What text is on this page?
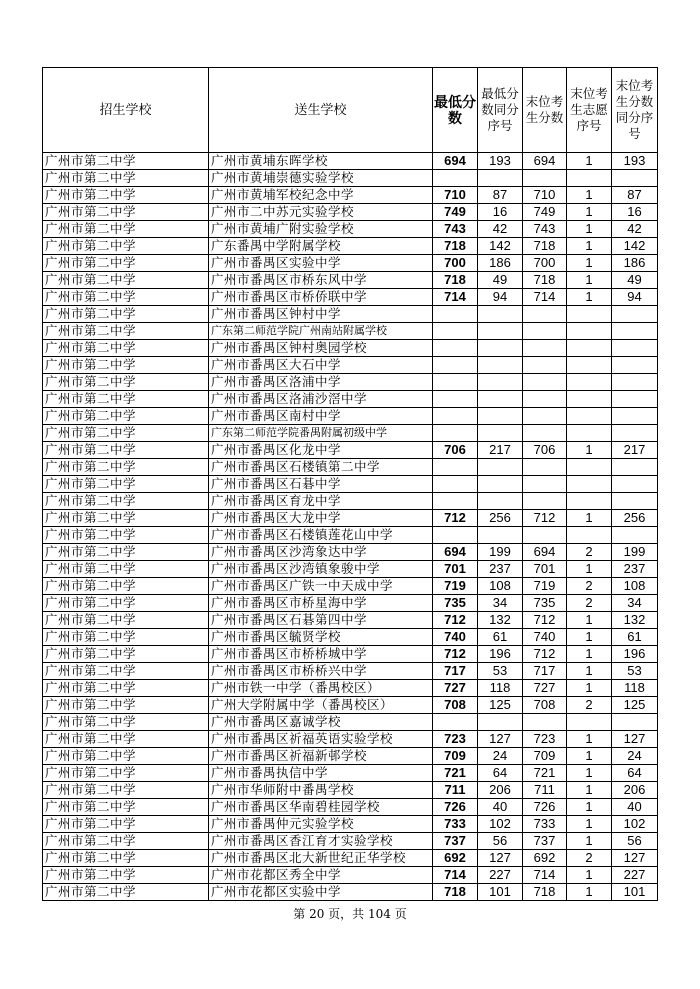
招生学校	送生学校	最低分数	最低分数同分序号	末位考生分数	末位考生志愿序号	末位考生分数同分序号
广州市第二中学	广州市黄埔东晖学校	694	193	694	1	193
广州市第二中学	广州市黄埔崇德实验学校					
广州市第二中学	广州市黄埔军校纪念中学	710	87	710	1	87
广州市第二中学	广州市二中苏元实验学校	749	16	749	1	16
广州市第二中学	广州市黄埔广附实验学校	743	42	743	1	42
广州市第二中学	广东番禺中学附属学校	718	142	718	1	142
广州市第二中学	广州市番禺区实验中学	700	186	700	1	186
广州市第二中学	广州市番禺区市桥东风中学	718	49	718	1	49
广州市第二中学	广州市番禺区市桥侨联中学	714	94	714	1	94
广州市第二中学	广州市番禺区钟村中学					
广州市第二中学	广东第二师范学院广州南站附属学校					
广州市第二中学	广州市番禺区钟村奥园学校					
广州市第二中学	广州市番禺区大石中学					
广州市第二中学	广州市番禺区洛浦中学					
广州市第二中学	广州市番禺区洛浦沙滘中学					
广州市第二中学	广州市番禺区南村中学					
广州市第二中学	广东第二师范学院番禺附属初级中学					
广州市第二中学	广州市番禺区化龙中学	706	217	706	1	217
广州市第二中学	广州市番禺区石楼镇第二中学					
广州市第二中学	广州市番禺区石碁中学					
广州市第二中学	广州市番禺区育龙中学					
广州市第二中学	广州市番禺区大龙中学	712	256	712	1	256
广州市第二中学	广州市番禺区石楼镇莲花山中学					
广州市第二中学	广州市番禺区沙湾象达中学	694	199	694	2	199
广州市第二中学	广州市番禺区沙湾镇象骏中学	701	237	701	1	237
广州市第二中学	广州市番禺区广铁一中天成中学	719	108	719	2	108
广州市第二中学	广州市番禺区市桥星海中学	735	34	735	2	34
广州市第二中学	广州市番禺区石碁第四中学	712	132	712	1	132
广州市第二中学	广州市番禺区毓贤学校	740	61	740	1	61
广州市第二中学	广州市番禺区市桥桥城中学	712	196	712	1	196
广州市第二中学	广州市番禺区市桥桥兴中学	717	53	717	1	53
广州市第二中学	广州市铁一中学（番禺校区）	727	118	727	1	118
广州市第二中学	广州大学附属中学（番禺校区）	708	125	708	2	125
广州市第二中学	广州市番禺区嘉诚学校					
广州市第二中学	广州市番禺区祈福英语实验学校	723	127	723	1	127
广州市第二中学	广州市番禺区祈福新邨学校	709	24	709	1	24
广州市第二中学	广州市番禺执信中学	721	64	721	1	64
广州市第二中学	广州市华师附中番禺学校	711	206	711	1	206
广州市第二中学	广州市番禺区华南碧桂园学校	726	40	726	1	40
广州市第二中学	广州市番禺仲元实验学校	733	102	733	1	102
广州市第二中学	广州市番禺区香江育才实验学校	737	56	737	1	56
广州市第二中学	广州市番禺区北大新世纪正华学校	692	127	692	2	127
广州市第二中学	广州市花都区秀全中学	714	227	714	1	227
广州市第二中学	广州市花都区实验中学	718	101	718	1	101
第 20 页，共 104 页
